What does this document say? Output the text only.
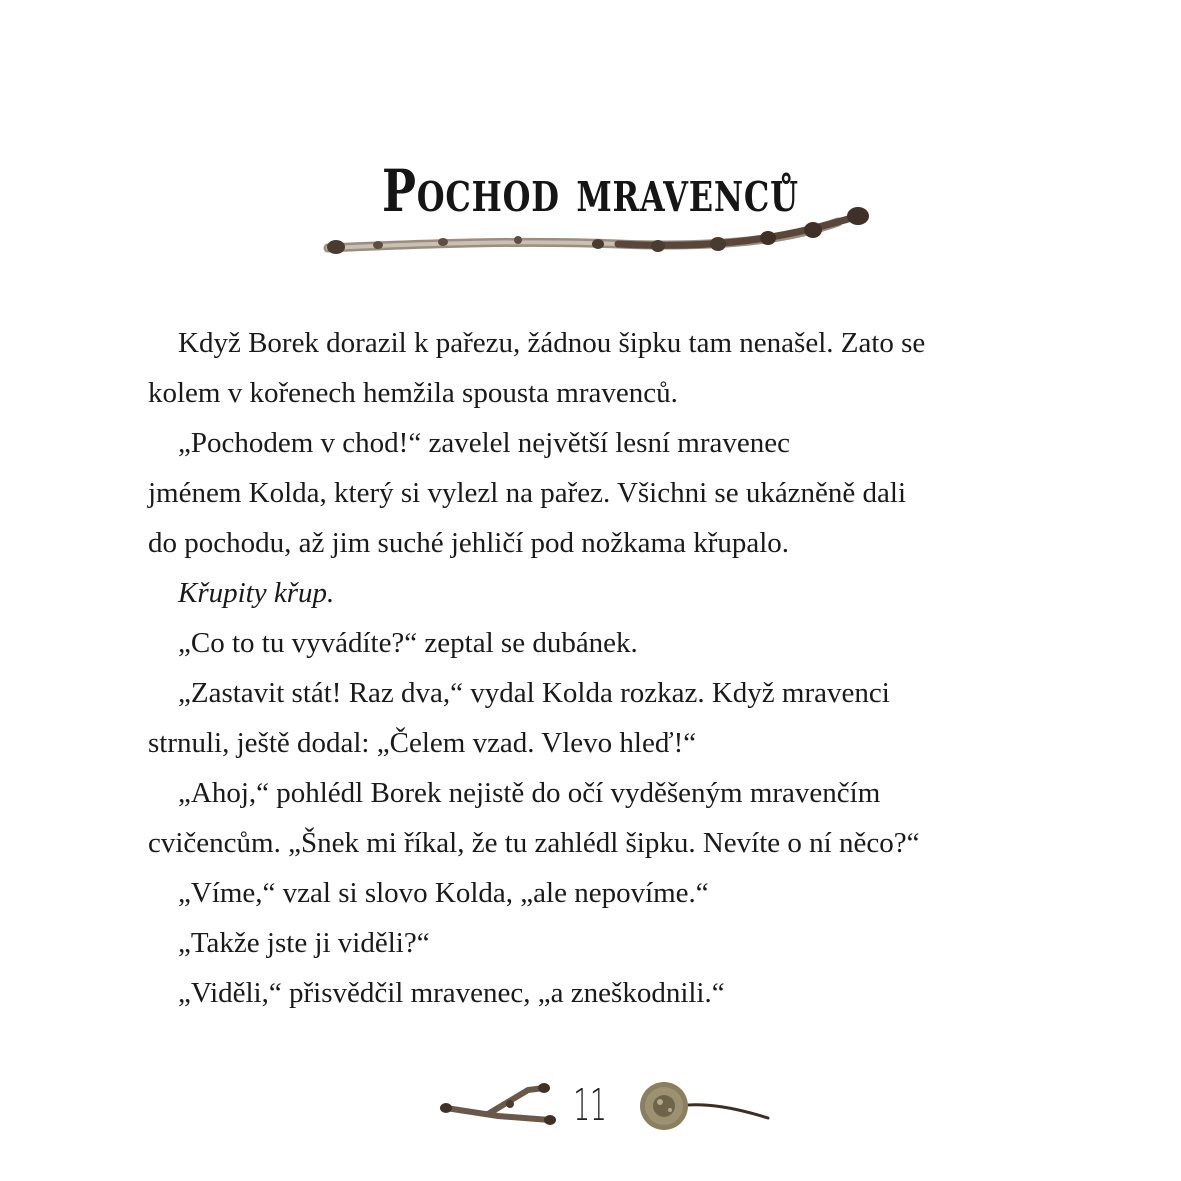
Pochod mravenců

Když Borek dorazil k pařezu, žádnou šipku tam nenašel. Zato se

kolem v kořenech hemžila spousta mravenců.

„Pochodem v chod!“ zavelel největší lesní mravenec

jménem Kolda, který si vylezl na pařez. Všichni se ukázněně dali

do pochodu, až jim suché jehličí pod nožkama křupalo.

Křupity křup.

„Co to tu vyvádíte?“ zeptal se dubánek.

„Zastavit stát! Raz dva,“ vydal Kolda rozkaz. Když mravenci

strnuli, ještě dodal: „Čelem vzad. Vlevo hleď!“

„Ahoj,“ pohlédl Borek nejistě do očí vyděšeným mravenčím

cvičencům. „Šnek mi říkal, že tu zahlédl šipku. Nevíte o ní něco?“

„Víme,“ vzal si slovo Kolda, „ale nepovíme.“

„Takže jste ji viděli?“

„Viděli,“ přisvědčil mravenec, „a zneškodnili.“

11
